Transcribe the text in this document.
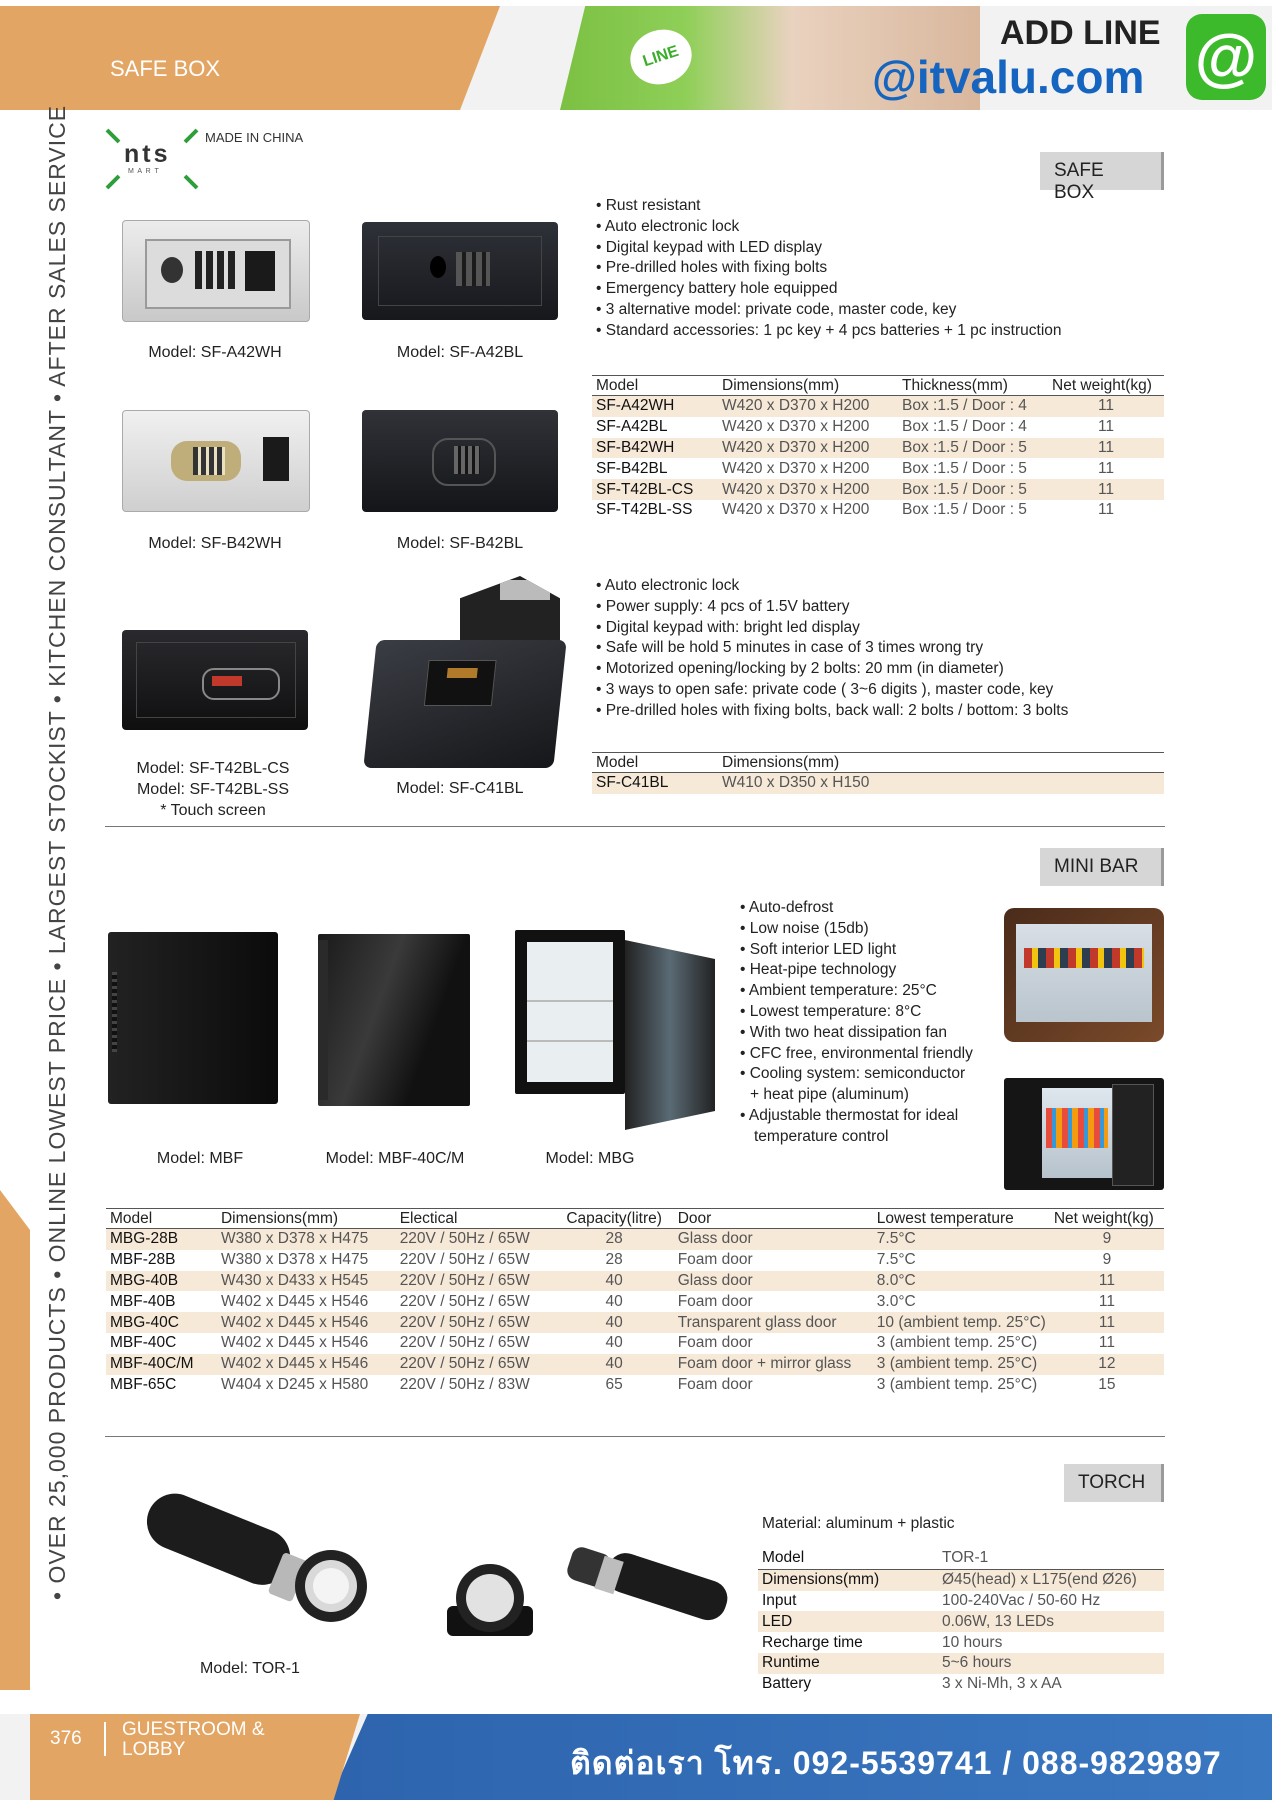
SAFE BOX	LINE
ADD LINE
@itvalu.com @
• OVER 25,000 PRODUCTS • ONLINE LOWEST PRICE • LARGEST STOCKIST • KITCHEN CONSULTANT • AFTER SALES SERVICE nts
M A R T
MADE IN CHINA
SAFE BOX
Model: SF-A42WH	Model: SF-A42BL
Model: SF-B42WH	Model: SF-B42BL
Model: SF-T42BL-CS
Model: SF-T42BL-SS
* Touch screen
Model: SF-C41BL
• Rust resistant
• Auto electronic lock
• Digital keypad with LED display
• Pre-drilled holes with fixing bolts
• Emergency battery hole equipped
• 3 alternative model: private code, master code, key
• Standard accessories: 1 pc key + 4 pcs batteries + 1 pc instruction
Model	Dimensions(mm)	Thickness(mm)	Net weight(kg)
SF-A42WH	W420 x D370 x H200	Box :1.5 / Door : 4	11
SF-A42BL	W420 x D370 x H200	Box :1.5 / Door : 4	11
SF-B42WH	W420 x D370 x H200	Box :1.5 / Door : 5	11
SF-B42BL	W420 x D370 x H200	Box :1.5 / Door : 5	11
SF-T42BL-CS	W420 x D370 x H200	Box :1.5 / Door : 5	11
SF-T42BL-SS	W420 x D370 x H200	Box :1.5 / Door : 5	11
• Auto electronic lock
• Power supply: 4 pcs of 1.5V battery
• Digital keypad with: bright led display
• Safe will be hold 5 minutes in case of 3 times wrong try
• Motorized opening/locking by 2 bolts: 20 mm (in diameter)
• 3 ways to open safe: private code ( 3~6 digits ), master code, key
• Pre-drilled holes with fixing bolts, back wall: 2 bolts / bottom: 3 bolts
Model	Dimensions(mm)
SF-C41BL	W410 x D350 x H150
MINI BAR
Model: MBF	Model: MBF-40C/M	Model: MBG
• Auto-defrost
• Low noise (15db)
• Soft interior LED light
• Heat-pipe technology
• Ambient temperature: 25°C
• Lowest temperature: 8°C
• With two heat dissipation fan
• CFC free, environmental friendly
• Cooling system: semiconductor

+ heat pipe (aluminum)

• Adjustable thermostat for ideal

temperature control

Model	Dimensions(mm)	Electical	Capacity(litre)	Door	Lowest temperature	Net weight(kg)
MBG-28B	W380 x D378 x H475	220V / 50Hz / 65W	28	Glass door	7.5°C	9
MBF-28B	W380 x D378 x H475	220V / 50Hz / 65W	28	Foam door	7.5°C	9
MBG-40B	W430 x D433 x H545	220V / 50Hz / 65W	40	Glass door	8.0°C	11
MBF-40B	W402 x D445 x H546	220V / 50Hz / 65W	40	Foam door	3.0°C	11
MBG-40C	W402 x D445 x H546	220V / 50Hz / 65W	40	Transparent glass door	10 (ambient temp. 25°C)	11
MBF-40C	W402 x D445 x H546	220V / 50Hz / 65W	40	Foam door	3 (ambient temp. 25°C)	11
MBF-40C/M	W402 x D445 x H546	220V / 50Hz / 65W	40	Foam door + mirror glass	3 (ambient temp. 25°C)	12
MBF-65C	W404 x D245 x H580	220V / 50Hz / 83W	65	Foam door	3 (ambient temp. 25°C)	15
TORCH
Model: TOR-1
Material: aluminum + plastic
Model	TOR-1
Dimensions(mm)	Ø45(head) x L175(end Ø26)
Input	100-240Vac / 50-60 Hz
LED	0.06W, 13 LEDs
Recharge time	10 hours
Runtime	5~6 hours
Battery	3 x Ni-Mh, 3 x AA
376 GUESTROOM &
LOBBY	ติดต่อเรา โทร. 092-5539741 / 088-9829897
